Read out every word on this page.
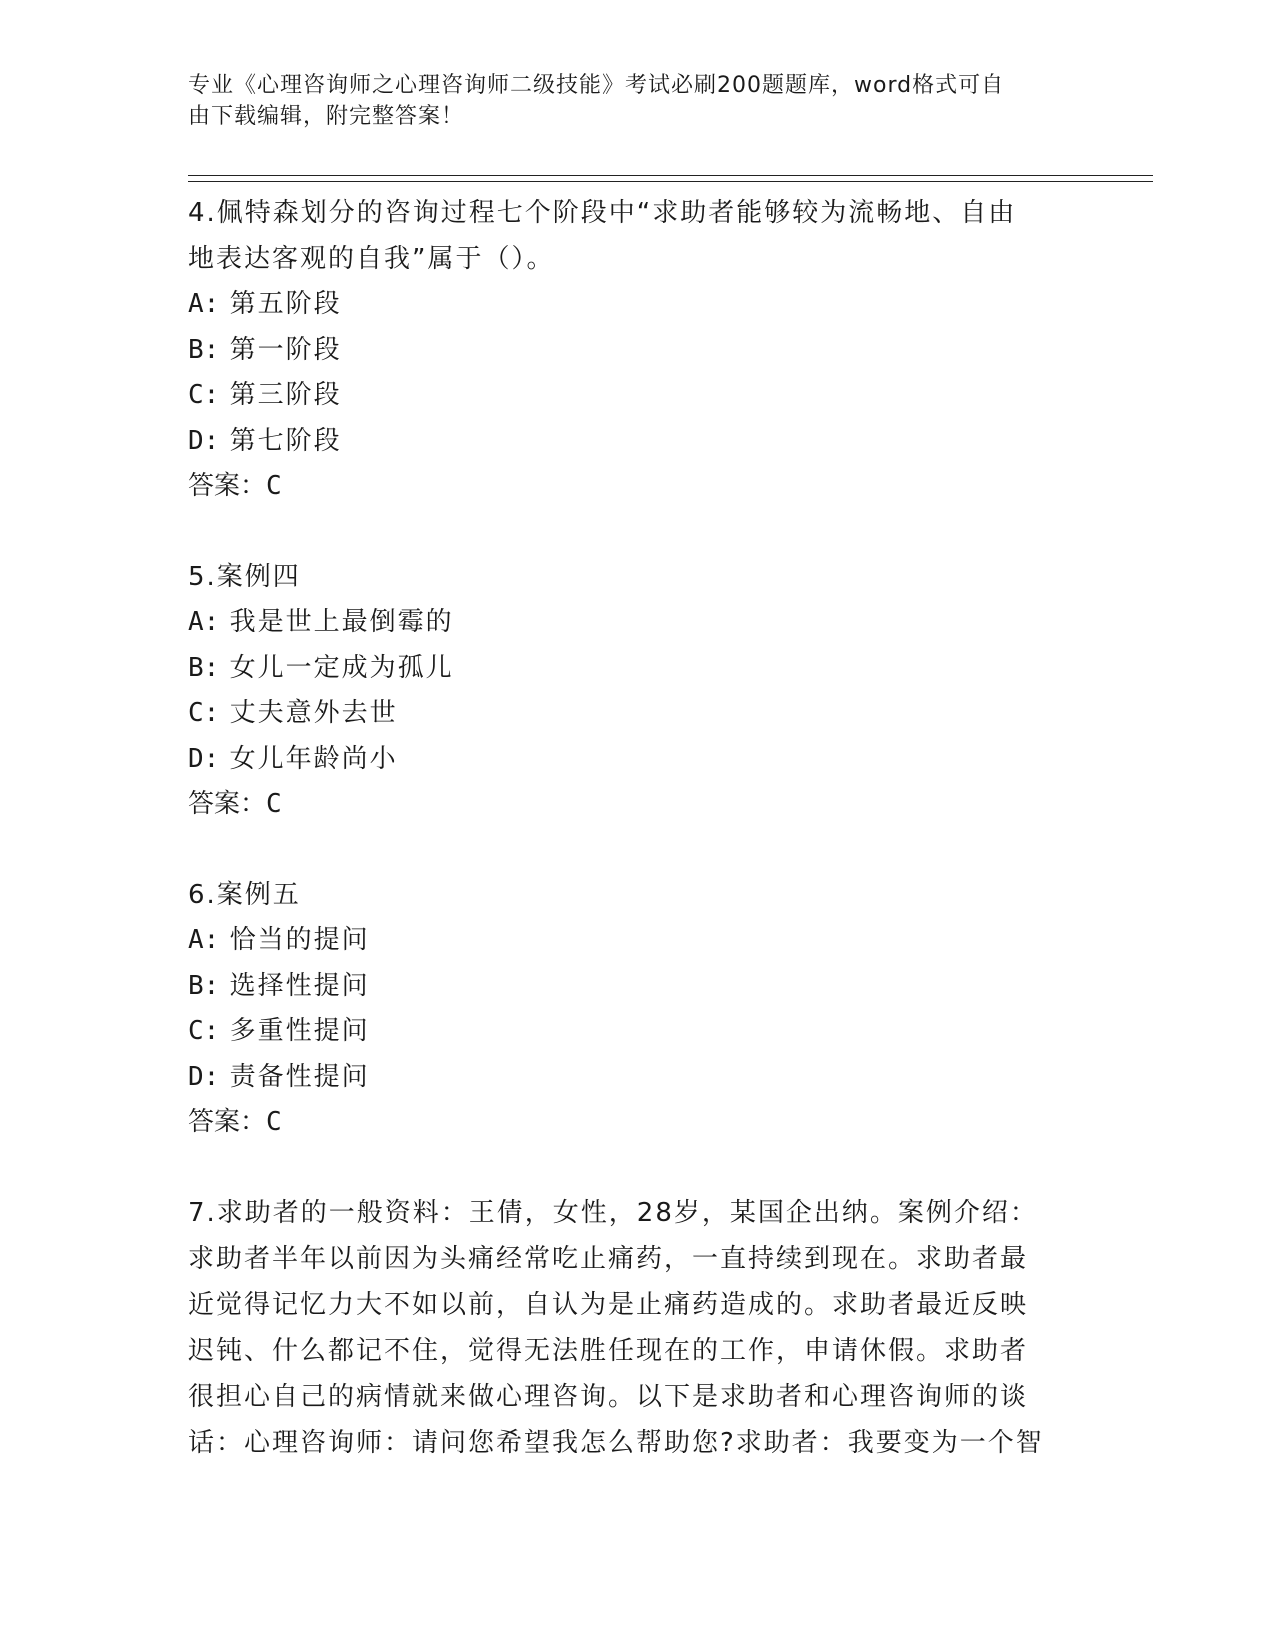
专业《心理咨询师之心理咨询师二级技能》考试必刷200题题库，word格式可自
由下载编辑，附完整答案！

4.佩特森划分的咨询过程七个阶段中“求助者能够较为流畅地、自由

地表达客观的自我”属于（）。

A: 第五阶段

B: 第一阶段

C: 第三阶段

D: 第七阶段

答案：C

5.案例四

A: 我是世上最倒霉的

B: 女儿一定成为孤儿

C: 丈夫意外去世

D: 女儿年龄尚小

答案：C

6.案例五

A: 恰当的提问

B: 选择性提问

C: 多重性提问

D: 责备性提问

答案：C

7.求助者的一般资料：王倩，女性，28岁，某国企出纳。案例介绍：

求助者半年以前因为头痛经常吃止痛药，一直持续到现在。求助者最

近觉得记忆力大不如以前，自认为是止痛药造成的。求助者最近反映

迟钝、什么都记不住，觉得无法胜任现在的工作，申请休假。求助者

很担心自己的病情就来做心理咨询。以下是求助者和心理咨询师的谈

话：心理咨询师：请问您希望我怎么帮助您?求助者：我要变为一个智
